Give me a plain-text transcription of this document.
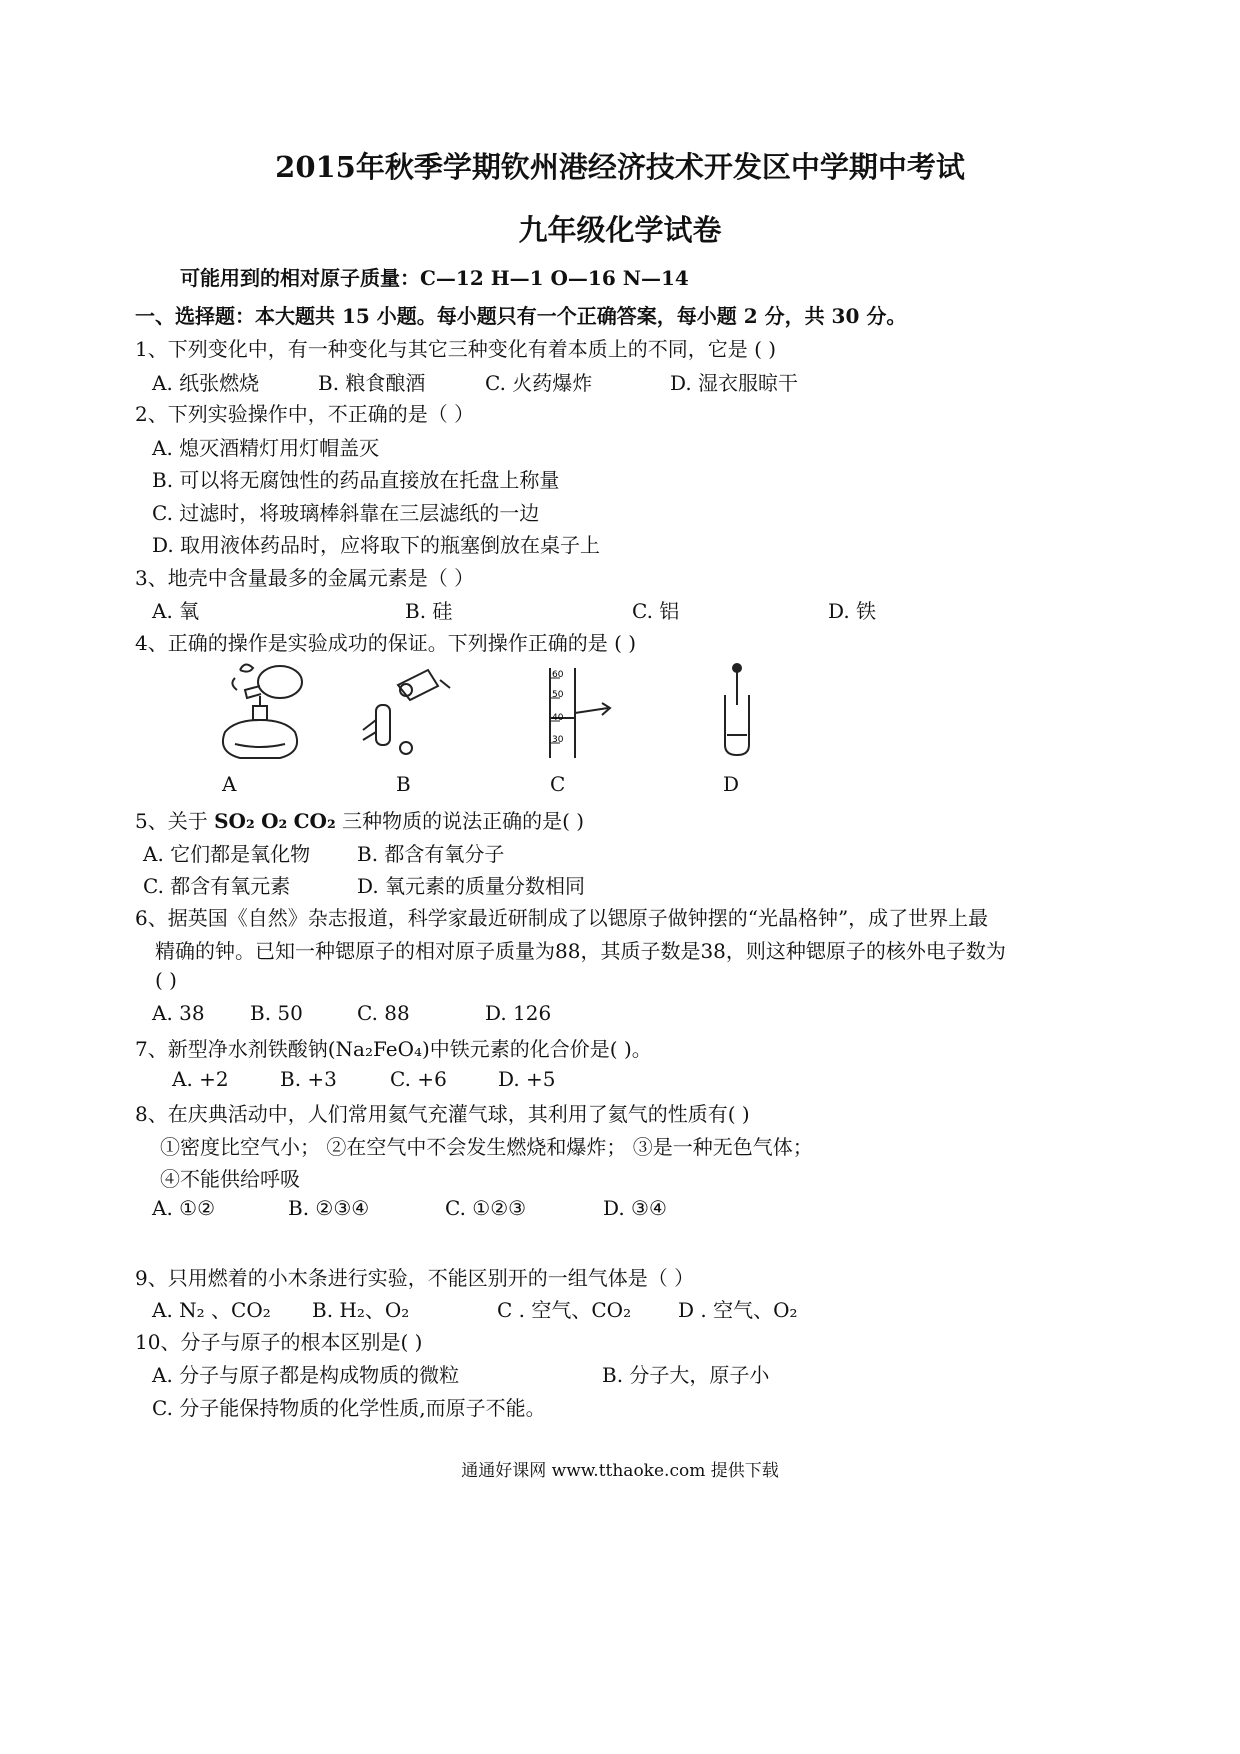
2015年秋季学期钦州港经济技术开发区中学期中考试
九年级化学试卷
可能用到的相对原子质量：C—12 H—1 O—16 N—14
一、选择题：本大题共 15 小题。每小题只有一个正确答案，每小题 2 分，共 30 分。
1、下列变化中，有一种变化与其它三种变化有着本质上的不同，它是 ( )
A. 纸张燃烧	B. 粮食酿酒	C. 火药爆炸	D. 湿衣服晾干
2、下列实验操作中，不正确的是（ ）
A. 熄灭酒精灯用灯帽盖灭
B. 可以将无腐蚀性的药品直接放在托盘上称量
C. 过滤时，将玻璃棒斜靠在三层滤纸的一边
D. 取用液体药品时，应将取下的瓶塞倒放在桌子上
3、地壳中含量最多的金属元素是（ ）
A. 氧	B. 硅	C. 铝	D. 铁
4、正确的操作是实验成功的保证。下列操作正确的是 ( )
60
50
40
30
A	B	C	D
5、关于 SO₂ O₂ CO₂ 三种物质的说法正确的是( )
A. 它们都是氧化物 B. 都含有氧分子
C. 都含有氧元素	D. 氧元素的质量分数相同
6、据英国《自然》杂志报道，科学家最近研制成了以锶原子做钟摆的“光晶格钟”，成了世界上最
精确的钟。已知一种锶原子的相对原子质量为88，其质子数是38，则这种锶原子的核外电子数为
( )
A. 38 B. 50	C. 88	D. 126
7、新型净水剂铁酸钠(Na₂FeO₄)中铁元素的化合价是( )。
A. +2	B. +3	C. +6	D. +5
8、在庆典活动中，人们常用氦气充灌气球，其利用了氦气的性质有( )
①密度比空气小； ②在空气中不会发生燃烧和爆炸； ③是一种无色气体；
④不能供给呼吸
A. ①②	B. ②③④	C. ①②③	D. ③④
9、只用燃着的小木条进行实验，不能区别开的一组气体是（ ）
A. N₂ 、CO₂ B. H₂、O₂	C . 空气、CO₂ D . 空气、O₂
10、分子与原子的根本区别是( )
A. 分子与原子都是构成物质的微粒	B. 分子大，原子小
C. 分子能保持物质的化学性质,而原子不能。
通通好课网 www.tthaoke.com 提供下载
